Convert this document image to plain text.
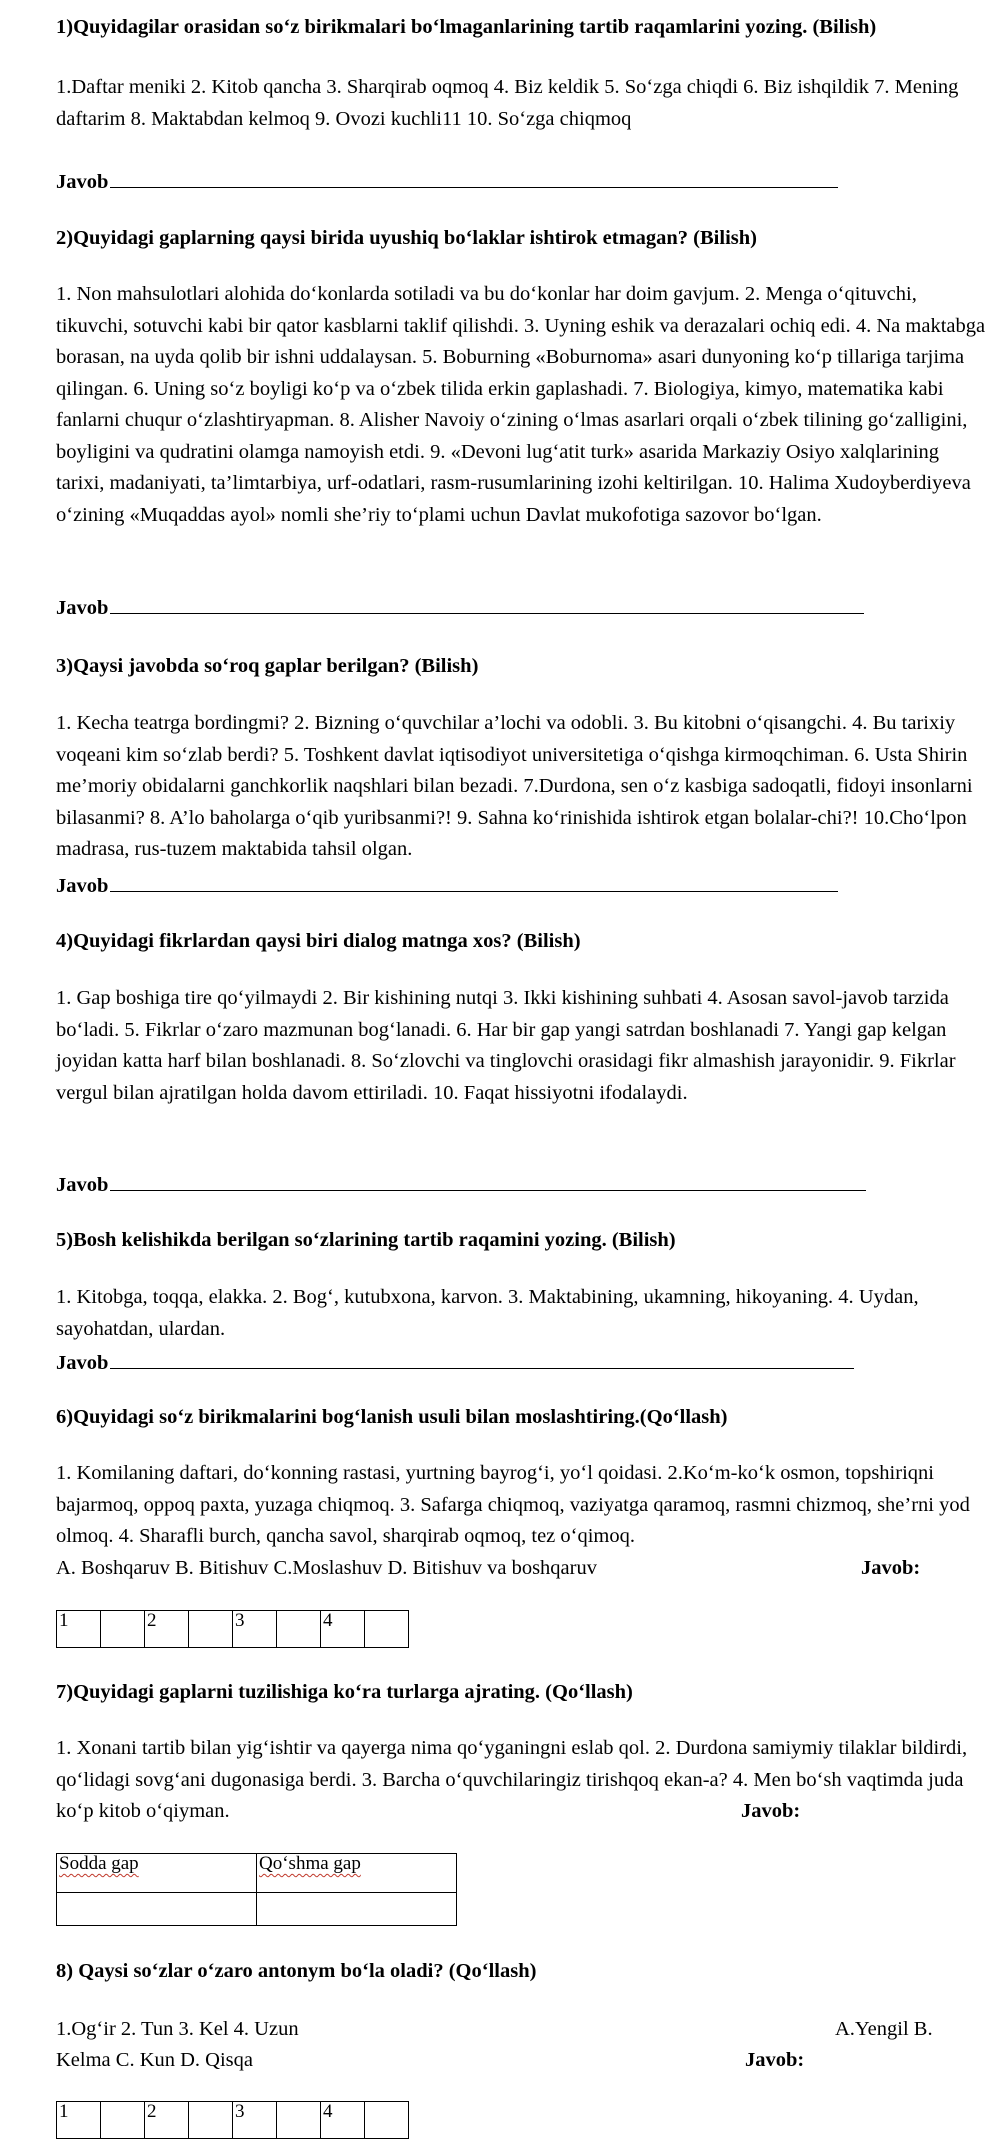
1)Quyidagilar orasidan so‘z birikmalari bo‘lmaganlarining tartib raqamlarini yozing. (Bilish)

1.Daftar meniki 2. Kitob qancha 3. Sharqirab oqmoq 4. Biz keldik 5. So‘zga chiqdi 6. Biz ishqildik 7. Mening daftarim 8. Maktabdan kelmoq 9. Ovozi kuchli11 10. So‘zga chiqmoq

Javob
2)Quyidagi gaplarning qaysi birida uyushiq bo‘laklar ishtirok etmagan? (Bilish)

1. Non mahsulotlari alohida do‘konlarda sotiladi va bu do‘konlar har doim gavjum. 2. Menga o‘qituvchi, tikuvchi, sotuvchi kabi bir qator kasblarni taklif qilishdi. 3. Uyning eshik va derazalari ochiq edi. 4. Na maktabga borasan, na uyda qolib bir ishni uddalaysan. 5. Boburning «Boburnoma» asari dunyoning ko‘p tillariga tarjima qilingan. 6. Uning so‘z boyligi ko‘p va o‘zbek tilida erkin gaplashadi. 7. Biologiya, kimyo, matematika kabi fanlarni chuqur o‘zlashtiryapman. 8. Alisher Navoiy o‘zining o‘lmas asarlari orqali o‘zbek tilining go‘zalligini, boyligini va qudratini olamga namoyish etdi. 9. «Devoni lug‘atit turk» asarida Markaziy Osiyo xalqlarining tarixi, madaniyati, ta’limtarbiya, urf-odatlari, rasm-rusumlarining izohi keltirilgan. 10. Halima Xudoyberdiyeva o‘zining «Muqaddas ayol» nomli she’riy to‘plami uchun Davlat mukofotiga sazovor bo‘lgan.

Javob
3)Qaysi javobda so‘roq gaplar berilgan? (Bilish)

1. Kecha teatrga bordingmi? 2. Bizning o‘quvchilar a’lochi va odobli. 3. Bu kitobni o‘qisangchi. 4. Bu tarixiy voqeani kim so‘zlab berdi? 5. Toshkent davlat iqtisodiyot universitetiga o‘qishga kirmoqchiman. 6. Usta Shirin me’moriy obidalarni ganchkorlik naqshlari bilan bezadi. 7.Durdona, sen o‘z kasbiga sadoqatli, fidoyi insonlarni bilasanmi? 8. A’lo baholarga o‘qib yuribsanmi?! 9. Sahna ko‘rinishida ishtirok etgan bolalar-chi?! 10.Cho‘lpon madrasa, rus-tuzem maktabida tahsil olgan.

Javob
4)Quyidagi fikrlardan qaysi biri dialog matnga xos? (Bilish)

1. Gap boshiga tire qo‘yilmaydi 2. Bir kishining nutqi 3. Ikki kishining suhbati 4. Asosan savol-javob tarzida bo‘ladi. 5. Fikrlar o‘zaro mazmunan bog‘lanadi. 6. Har bir gap yangi satrdan boshlanadi 7. Yangi gap kelgan joyidan katta harf bilan boshlanadi. 8. So‘zlovchi va tinglovchi orasidagi fikr almashish jarayonidir. 9. Fikrlar vergul bilan ajratilgan holda davom ettiriladi. 10. Faqat hissiyotni ifodalaydi.

Javob
5)Bosh kelishikda berilgan so‘zlarining tartib raqamini yozing. (Bilish)

1. Kitobga, toqqa, elakka. 2. Bog‘, kutubxona, karvon. 3. Maktabining, ukamning, hikoyaning. 4. Uydan, sayohatdan, ulardan.

Javob
6)Quyidagi so‘z birikmalarini bog‘lanish usuli bilan moslashtiring.(Qo‘llash)

1. Komilaning daftari, do‘konning rastasi, yurtning bayrog‘i, yo‘l qoidasi. 2.Ko‘m-ko‘k osmon, topshiriqni bajarmoq, oppoq paxta, yuzaga chiqmoq. 3. Safarga chiqmoq, vaziyatga qaramoq, rasmni chizmoq, she’rni yod olmoq. 4. Sharafli burch, qancha savol, sharqirab oqmoq, tez o‘qimoq.

A. Boshqaruv B. Bitishuv C.Moslashuv D. Bitishuv va boshqaruv	Javob:
1		2		3		4	
7)Quyidagi gaplarni tuzilishiga ko‘ra turlarga ajrating. (Qo‘llash)

1. Xonani tartib bilan yig‘ishtir va qayerga nima qo‘yganingni eslab qol. 2. Durdona samiymiy tilaklar bildirdi, qo‘lidagi sovg‘ani dugonasiga berdi. 3. Barcha o‘quvchilaringiz tirishqoq ekan-a? 4. Men bo‘sh vaqtimda juda ko‘p kitob o‘qiyman.	Javob:
Sodda gap	Qo‘shma gap

8) Qaysi so‘zlar o‘zaro antonym bo‘la oladi? (Qo‘llash)
1.Og‘ir 2. Tun 3. Kel 4. Uzun	A.Yengil B.
Kelma C. Kun D. Qisqa	Javob:
1		2		3		4	
